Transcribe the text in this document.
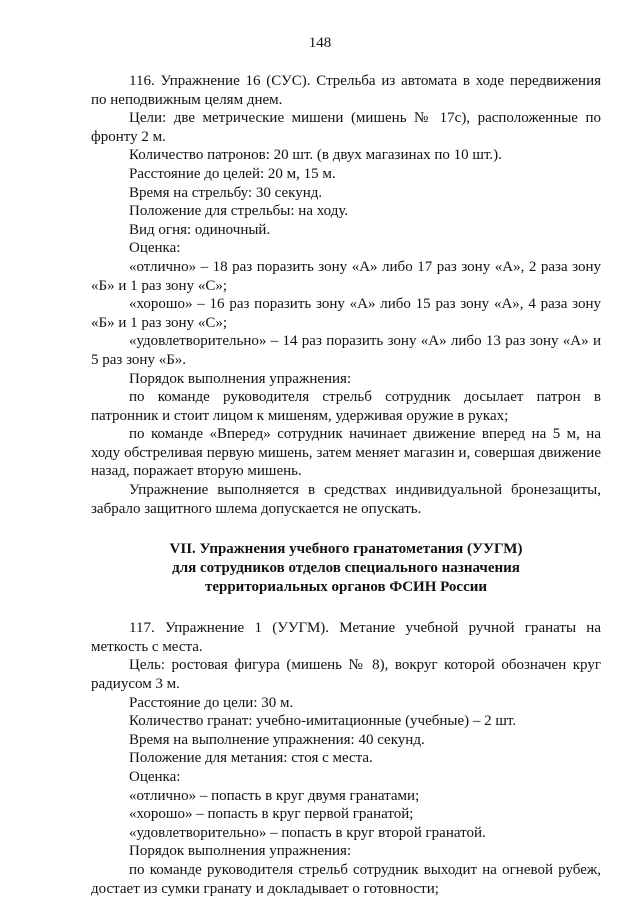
148

116. Упражнение 16 (СУС). Стрельба из автомата в ходе передвижения по неподвижным целям днем.

Цели: две метрические мишени (мишень № 17с), расположенные по фронту 2 м.

Количество патронов: 20 шт. (в двух магазинах по 10 шт.).

Расстояние до целей: 20 м, 15 м.

Время на стрельбу: 30 секунд.

Положение для стрельбы: на ходу.

Вид огня: одиночный.

Оценка:

«отлично» – 18 раз поразить зону «А» либо 17 раз зону «А», 2 раза зону «Б» и 1 раз зону «С»;

«хорошо» – 16 раз поразить зону «А» либо 15 раз зону «А», 4 раза зону «Б» и 1 раз зону «С»;

«удовлетворительно» – 14 раз поразить зону «А» либо 13 раз зону «А» и 5 раз зону «Б».

Порядок выполнения упражнения:

по команде руководителя стрельб сотрудник досылает патрон в патронник и стоит лицом к мишеням, удерживая оружие в руках;

по команде «Вперед» сотрудник начинает движение вперед на 5 м, на ходу обстреливая первую мишень, затем меняет магазин и, совершая движение назад, поражает вторую мишень.

Упражнение выполняется в средствах индивидуальной бронезащиты, забрало защитного шлема допускается не опускать.

VII. Упражнения учебного гранатометания (УУГМ)
для сотрудников отделов специального назначения
территориальных органов ФСИН России

117. Упражнение 1 (УУГМ). Метание учебной ручной гранаты на меткость с места.

Цель: ростовая фигура (мишень № 8), вокруг которой обозначен круг радиусом 3 м.

Расстояние до цели: 30 м.

Количество гранат: учебно-имитационные (учебные) – 2 шт.

Время на выполнение упражнения: 40 секунд.

Положение для метания: стоя с места.

Оценка:

«отлично» – попасть в круг двумя гранатами;

«хорошо» – попасть в круг первой гранатой;

«удовлетворительно» – попасть в круг второй гранатой.

Порядок выполнения упражнения:

по команде руководителя стрельб сотрудник выходит на огневой рубеж, достает из сумки гранату и докладывает о готовности;
